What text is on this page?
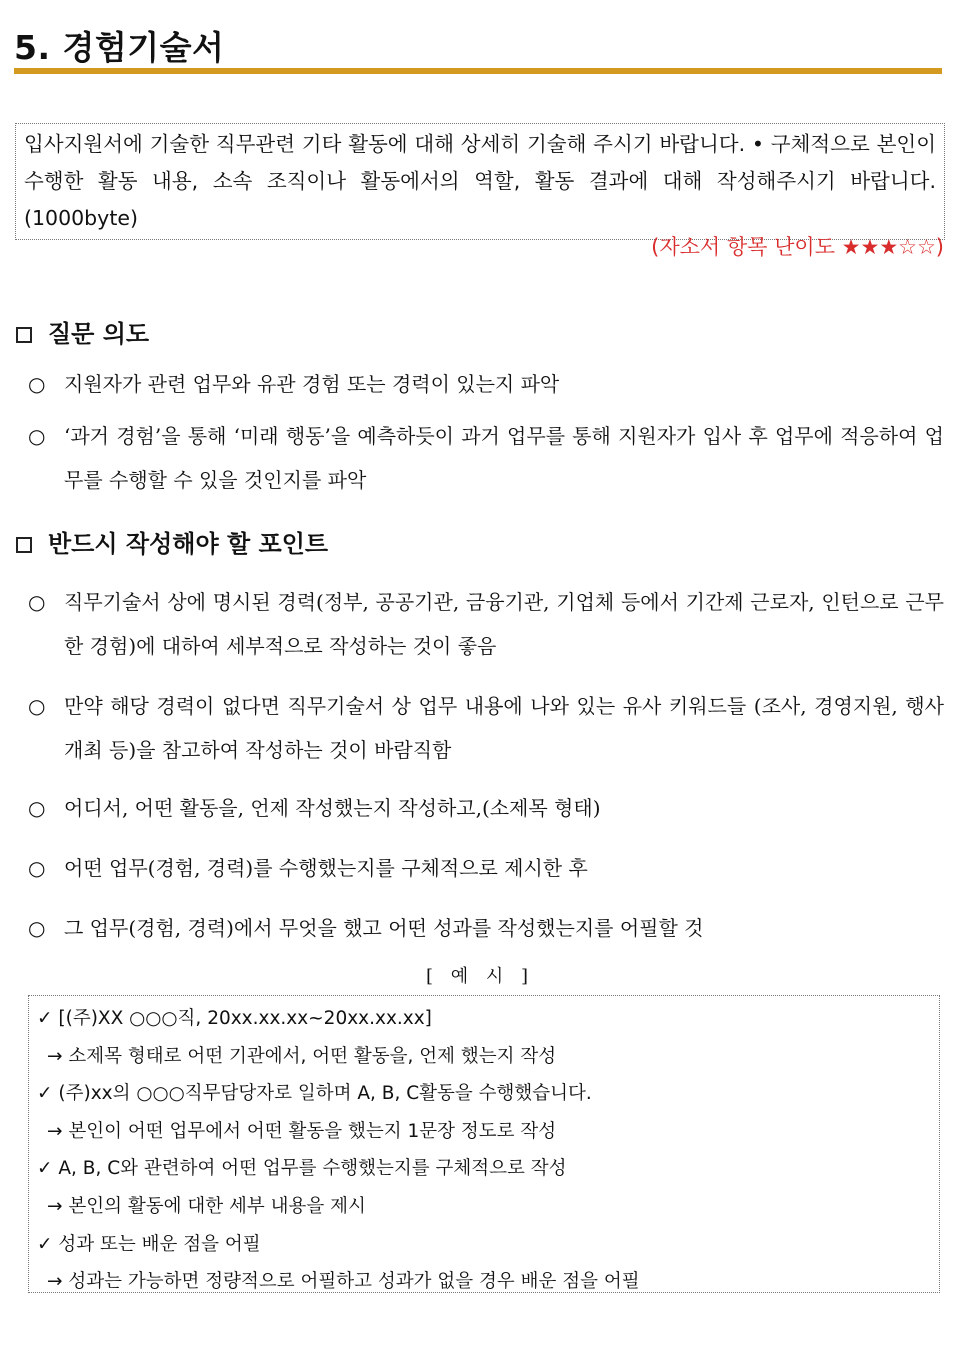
5. 경험기술서
입사지원서에 기술한 직무관련 기타 활동에 대해 상세히 기술해 주시기 바랍니다. • 구체적으로 본인이 수행한 활동 내용, 소속 조직이나 활동에서의 역할, 활동 결과에 대해 작성해주시기 바랍니다.(1000byte)
(자소서 항목 난이도 ★★★☆☆)
질문 의도
○ 지원자가 관련 업무와 유관 경험 또는 경력이 있는지 파악
○ ‘과거 경험’을 통해 ‘미래 행동’을 예측하듯이 과거 업무를 통해 지원자가 입사 후 업무에 적응하여 업무를 수행할 수 있을 것인지를 파악
반드시 작성해야 할 포인트
○ 직무기술서 상에 명시된 경력(정부, 공공기관, 금융기관, 기업체 등에서 기간제 근로자, 인턴으로 근무한 경험)에 대하여 세부적으로 작성하는 것이 좋음
○ 만약 해당 경력이 없다면 직무기술서 상 업무 내용에 나와 있는 유사 키워드들 (조사, 경영지원, 행사 개최 등)을 참고하여 작성하는 것이 바람직함
○ 어디서, 어떤 활동을, 언제 작성했는지 작성하고,(소제목 형태)
○ 어떤 업무(경험, 경력)를 수행했는지를 구체적으로 제시한 후
○ 그 업무(경험, 경력)에서 무엇을 했고 어떤 성과를 작성했는지를 어필할 것
[ 예 시 ]
✓ [(주)XX ○○○직, 20xx.xx.xx~20xx.xx.xx]
→ 소제목 형태로 어떤 기관에서, 어떤 활동을, 언제 했는지 작성
✓ (주)xx의 ○○○직무담당자로 일하며 A, B, C활동을 수행했습니다.
→ 본인이 어떤 업무에서 어떤 활동을 했는지 1문장 정도로 작성
✓ A, B, C와 관련하여 어떤 업무를 수행했는지를 구체적으로 작성
→ 본인의 활동에 대한 세부 내용을 제시
✓ 성과 또는 배운 점을 어필
→ 성과는 가능하면 정량적으로 어필하고 성과가 없을 경우 배운 점을 어필
